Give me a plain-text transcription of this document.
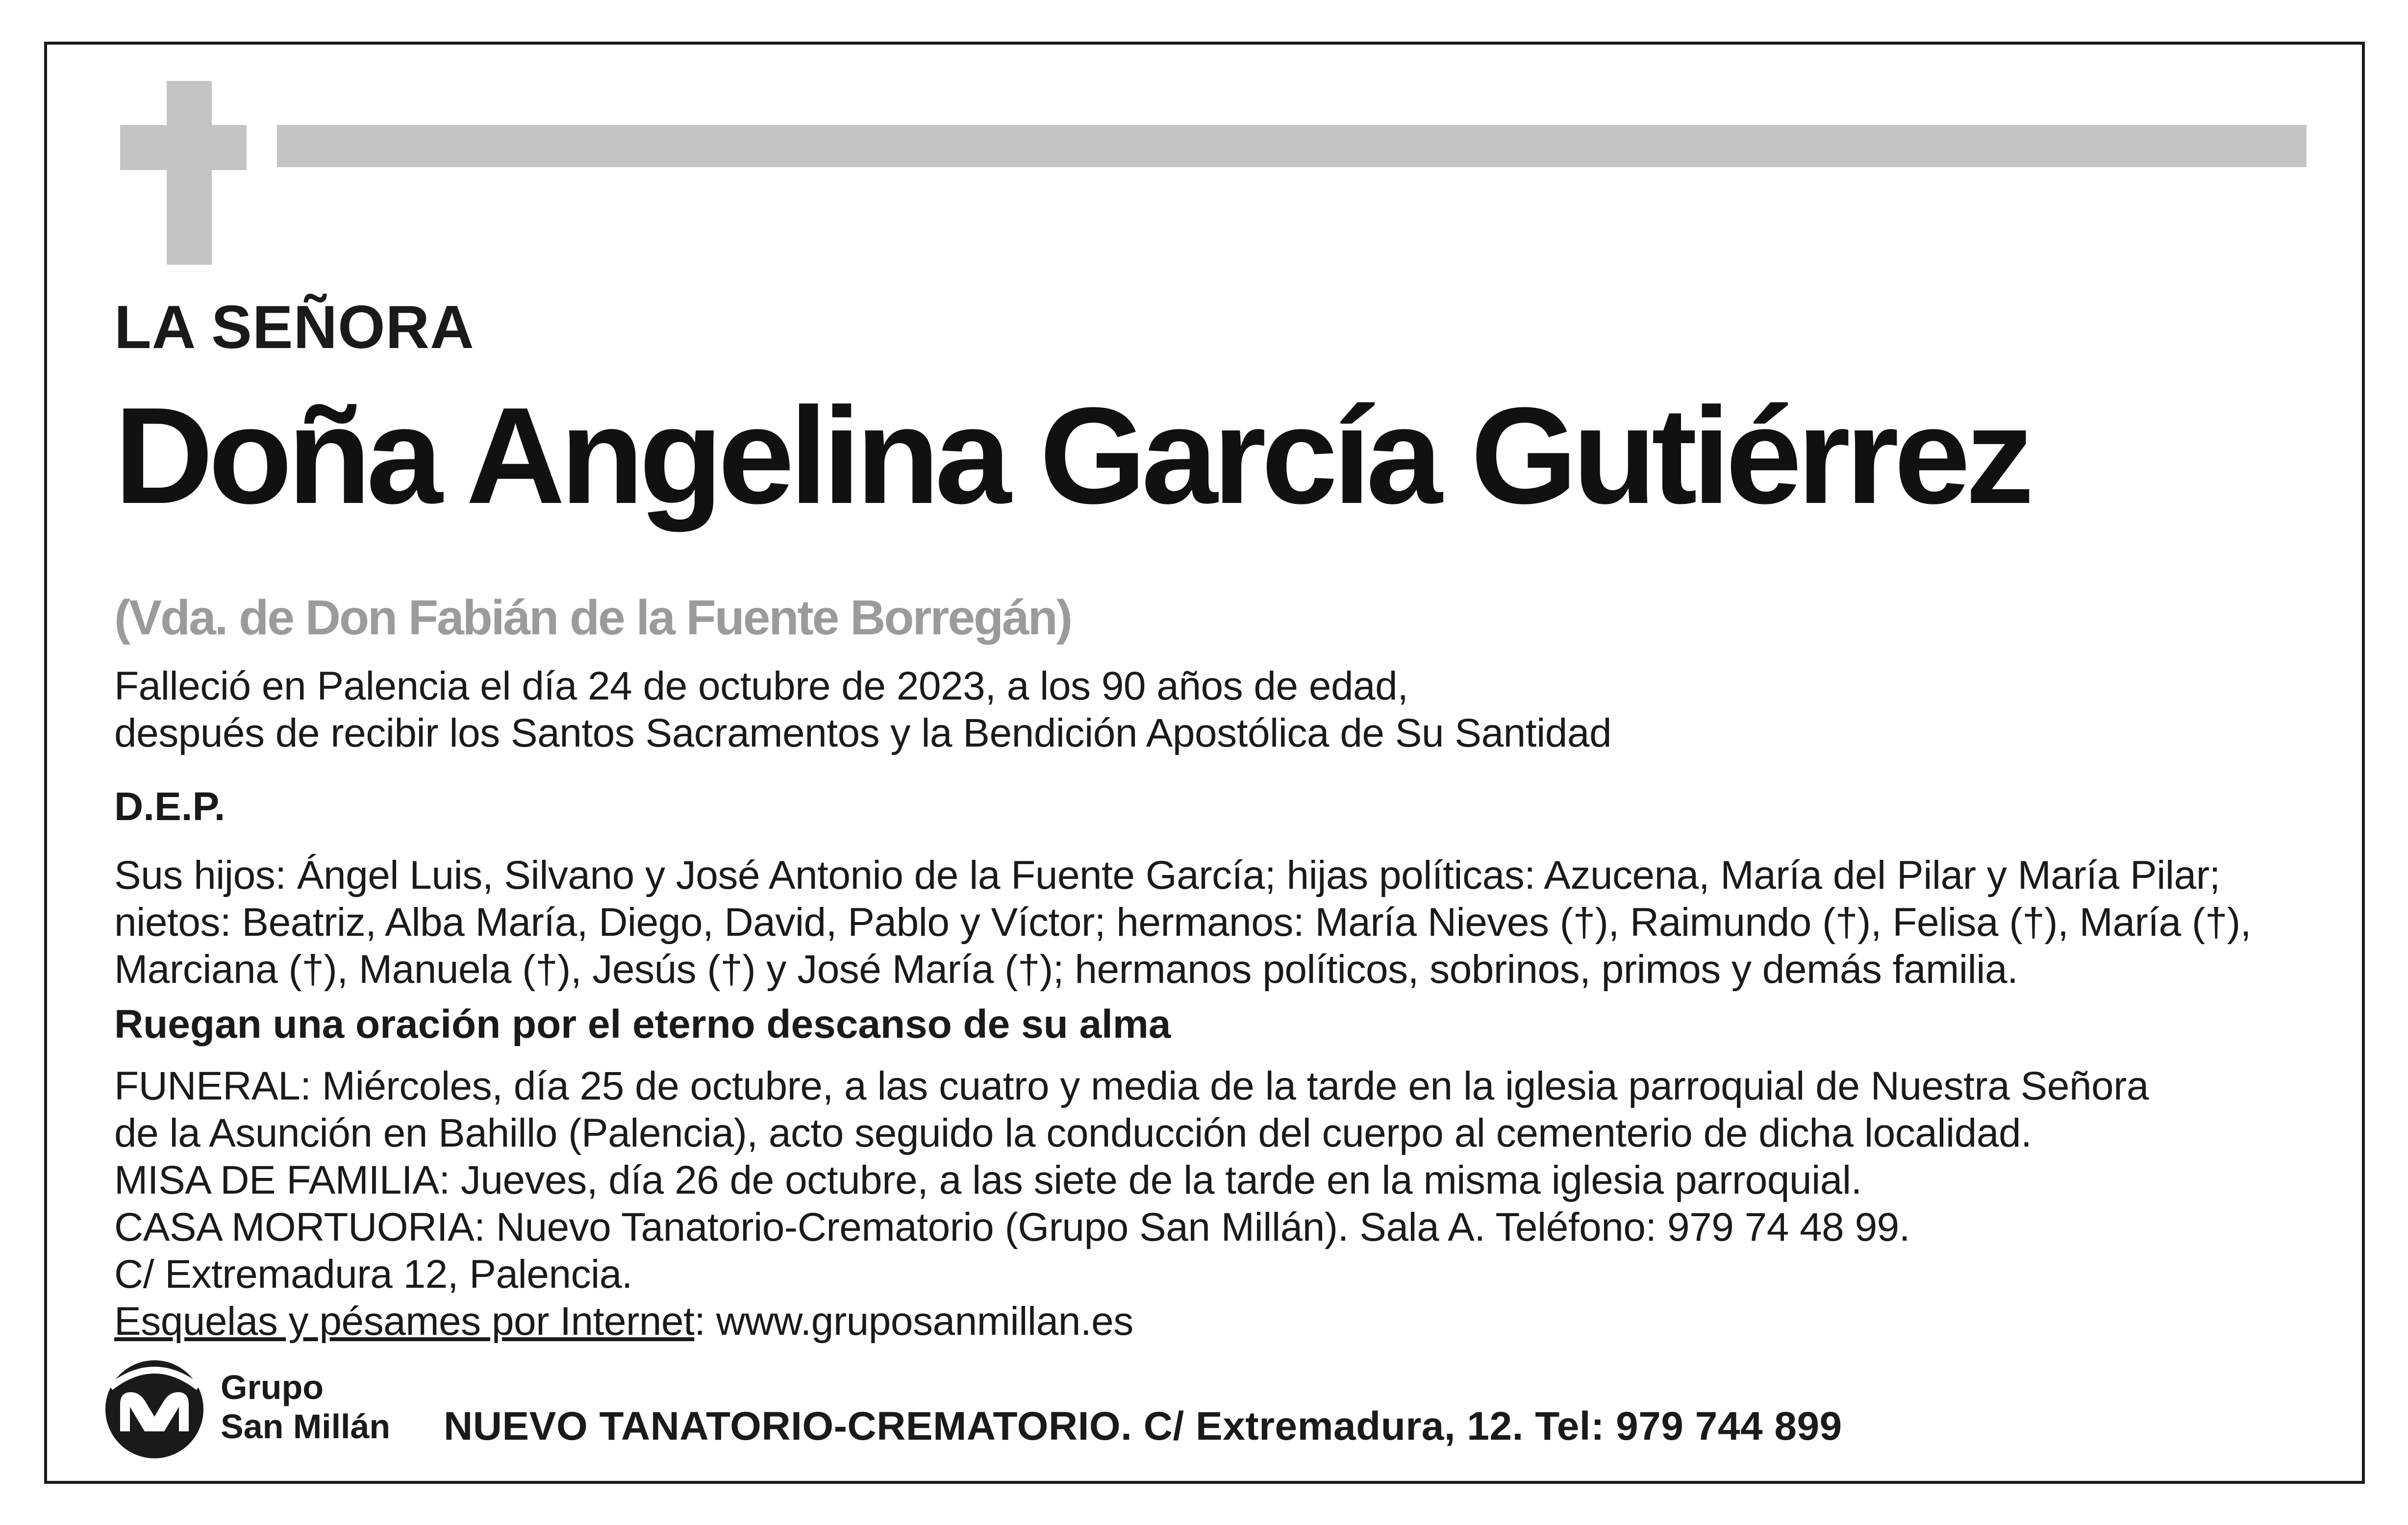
LA SEÑORA
Doña Angelina García Gutiérrez
(Vda. de Don Fabián de la Fuente Borregán)
Falleció en Palencia el día 24 de octubre de 2023, a los 90 años de edad,
después de recibir los Santos Sacramentos y la Bendición Apostólica de Su Santidad
D.E.P.
Sus hijos: Ángel Luis, Silvano y José Antonio de la Fuente García; hijas políticas: Azucena, María del Pilar y María Pilar;
nietos: Beatriz, Alba María, Diego, David, Pablo y Víctor; hermanos: María Nieves (†), Raimundo (†), Felisa (†), María (†),
Marciana (†), Manuela (†), Jesús (†) y José María (†); hermanos políticos, sobrinos, primos y demás familia.
Ruegan una oración por el eterno descanso de su alma
FUNERAL: Miércoles, día 25 de octubre, a las cuatro y media de la tarde en la iglesia parroquial de Nuestra Señora
de la Asunción en Bahillo (Palencia), acto seguido la conducción del cuerpo al cementerio de dicha localidad.
MISA DE FAMILIA: Jueves, día 26 de octubre, a las siete de la tarde en la misma iglesia parroquial.
CASA MORTUORIA: Nuevo Tanatorio-Crematorio (Grupo San Millán). Sala A. Teléfono: 979 74 48 99.
C/ Extremadura 12, Palencia.
Esquelas y pésames por Internet: www.gruposanmillan.es
Grupo
San Millán NUEVO TANATORIO-CREMATORIO. C/ Extremadura, 12. Tel: 979 744 899
